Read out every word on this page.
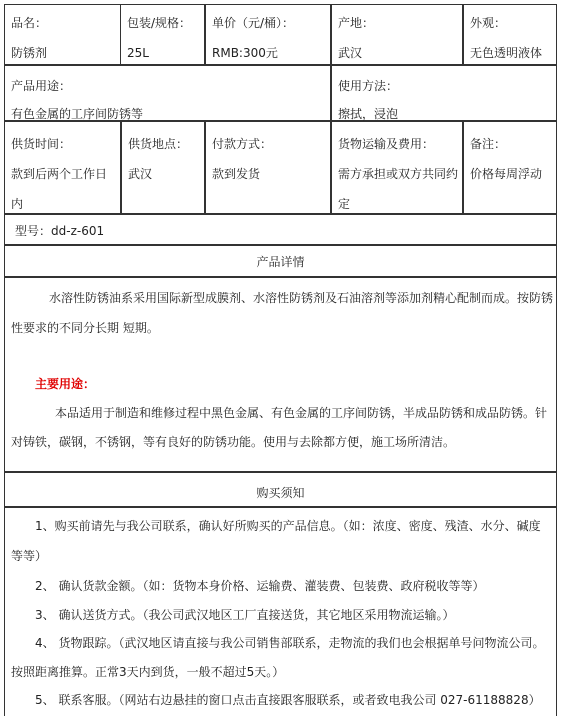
品名：
防锈剂
包装/规格：
25L
单价（元/桶）：
RMB:300元
产地：
武汉
外观：
无色透明液体
产品用途：
有色金属的工序间防锈等
使用方法：
擦拭，浸泡
供货时间：
款到后两个工作日
内
供货地点：
武汉
付款方式：
款到发货
货物运输及费用：
需方承担或双方共同约
定
备注：
价格每周浮动
型号：dd-z-601
产品详情
水溶性防锈油系采用国际新型成膜剂、水溶性防锈剂及石油溶剂等添加剂精心配制而成。按防锈
性要求的不同分长期 短期。
主要用途：
本品适用于制造和维修过程中黑色金属、有色金属的工序间防锈，半成品防锈和成品防锈。针
对铸铁，碳钢，不锈钢，等有良好的防锈功能。使用与去除都方便，施工场所清洁。
购买须知
1、购买前请先与我公司联系，确认好所购买的产品信息。（如：浓度、密度、残渣、水分、碱度
等等）
2、 确认货款金额。（如：货物本身价格、运输费、灌装费、包装费、政府税收等等）
3、 确认送货方式。（我公司武汉地区工厂直接送货，其它地区采用物流运输。）
4、 货物跟踪。（武汉地区请直接与我公司销售部联系，走物流的我们也会根据单号问物流公司。
按照距离推算。正常3天内到货，一般不超过5天。）
5、 联系客服。（网站右边悬挂的窗口点击直接跟客服联系，或者致电我公司 027-61188828）
